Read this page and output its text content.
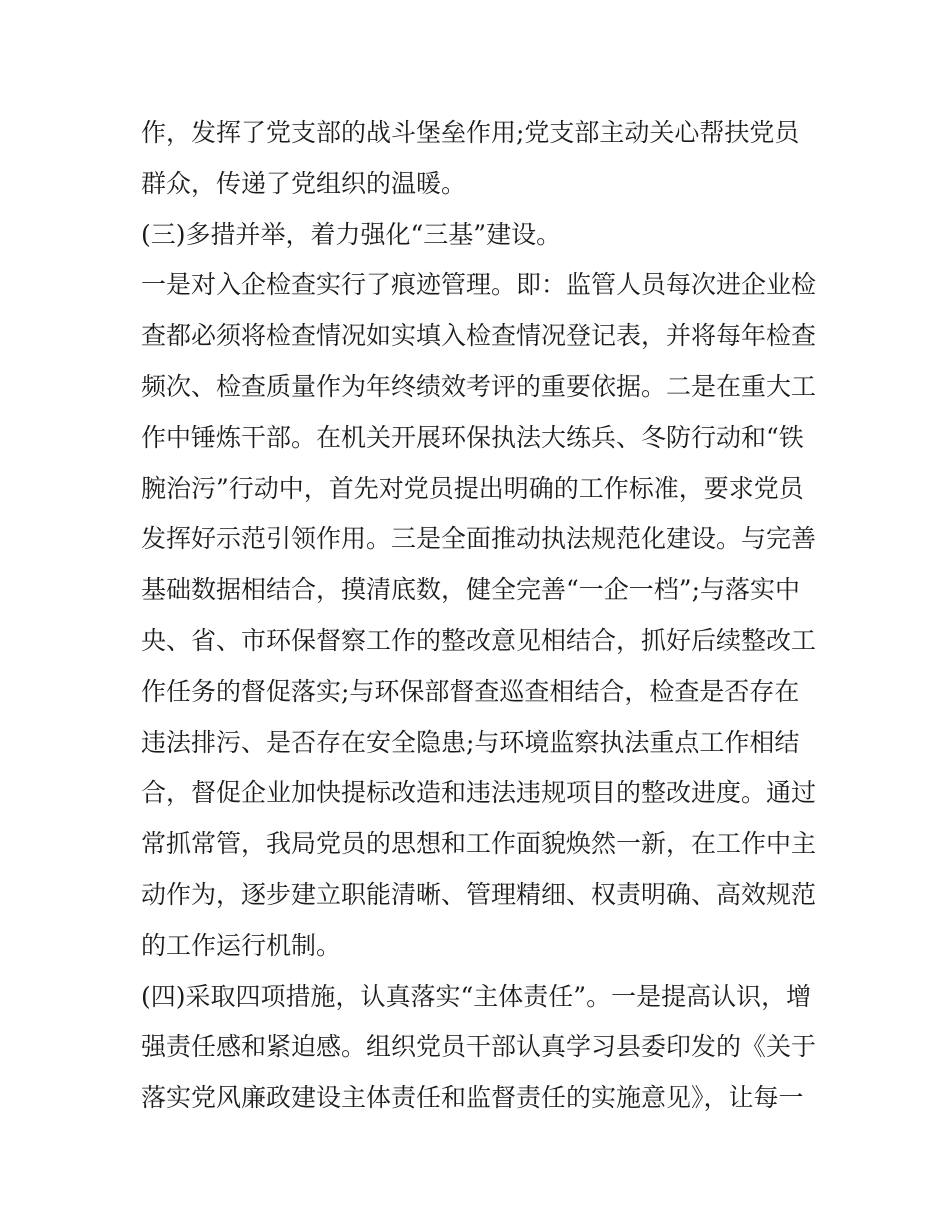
作，发挥了党支部的战斗堡垒作用;党支部主动关心帮扶党员
群众，传递了党组织的温暖。
(三)多措并举，着力强化“三基”建设。
一是对入企检查实行了痕迹管理。即：监管人员每次进企业检
查都必须将检查情况如实填入检查情况登记表，并将每年检查
频次、检查质量作为年终绩效考评的重要依据。二是在重大工
作中锤炼干部。在机关开展环保执法大练兵、冬防行动和“铁
腕治污”行动中，首先对党员提出明确的工作标准，要求党员
发挥好示范引领作用。三是全面推动执法规范化建设。与完善
基础数据相结合，摸清底数，健全完善“一企一档”;与落实中
央、省、市环保督察工作的整改意见相结合，抓好后续整改工
作任务的督促落实;与环保部督查巡查相结合，检查是否存在
违法排污、是否存在安全隐患;与环境监察执法重点工作相结
合，督促企业加快提标改造和违法违规项目的整改进度。通过
常抓常管，我局党员的思想和工作面貌焕然一新，在工作中主
动作为，逐步建立职能清晰、管理精细、权责明确、高效规范
的工作运行机制。
(四)采取四项措施，认真落实“主体责任”。一是提高认识，增
强责任感和紧迫感。组织党员干部认真学习县委印发的《关于
落实党风廉政建设主体责任和监督责任的实施意见》，让每一
